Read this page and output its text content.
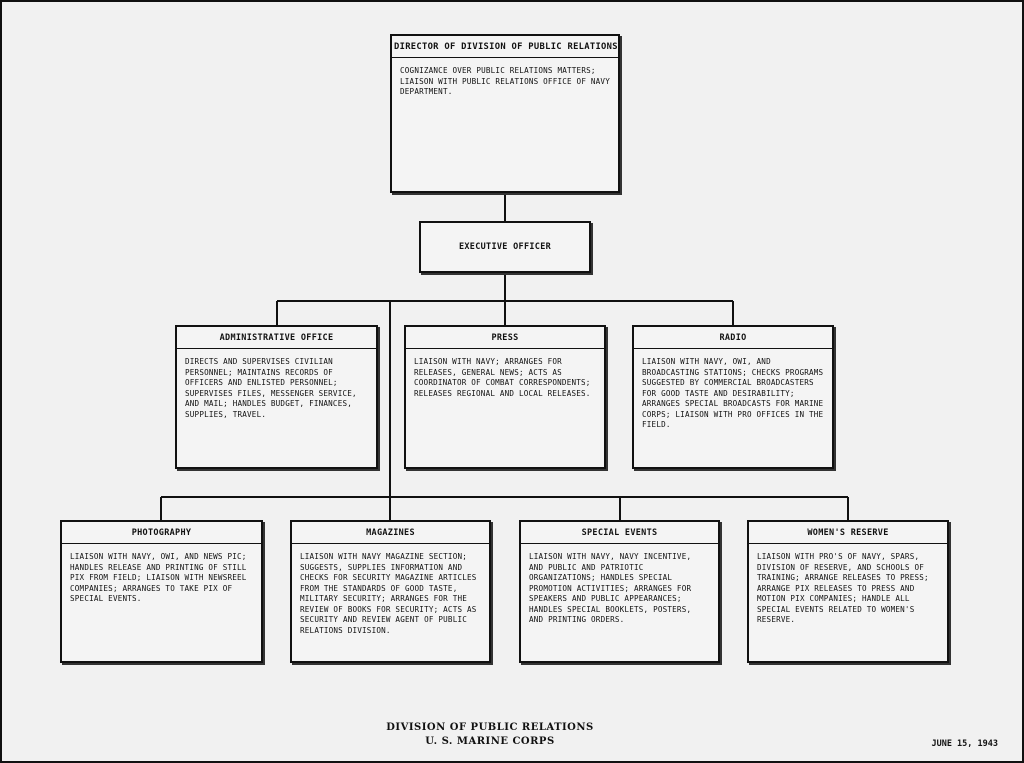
DIRECTOR OF DIVISION OF PUBLIC RELATIONS
COGNIZANCE OVER PUBLIC RELATIONS MATTERS; LIAISON WITH PUBLIC RELATIONS OFFICE OF NAVY DEPARTMENT.
EXECUTIVE OFFICER
ADMINISTRATIVE OFFICE
DIRECTS AND SUPERVISES CIVILIAN PERSONNEL; MAINTAINS RECORDS OF OFFICERS AND ENLISTED PERSONNEL; SUPERVISES FILES, MESSENGER SERVICE, AND MAIL; HANDLES BUDGET, FINANCES, SUPPLIES, TRAVEL.
PRESS
LIAISON WITH NAVY; ARRANGES FOR RELEASES, GENERAL NEWS; ACTS AS COORDINATOR OF COMBAT CORRESPONDENTS; RELEASES REGIONAL AND LOCAL RELEASES.
RADIO
LIAISON WITH NAVY, OWI, AND BROADCASTING STATIONS; CHECKS PROGRAMS SUGGESTED BY COMMERCIAL BROADCASTERS FOR GOOD TASTE AND DESIRABILITY; ARRANGES SPECIAL BROADCASTS FOR MARINE CORPS; LIAISON WITH PRO OFFICES IN THE FIELD.
PHOTOGRAPHY
LIAISON WITH NAVY, OWI, AND NEWS PIC; HANDLES RELEASE AND PRINTING OF STILL PIX FROM FIELD; LIAISON WITH NEWSREEL COMPANIES; ARRANGES TO TAKE PIX OF SPECIAL EVENTS.
MAGAZINES
LIAISON WITH NAVY MAGAZINE SECTION; SUGGESTS, SUPPLIES INFORMATION AND CHECKS FOR SECURITY MAGAZINE ARTICLES FROM THE STANDARDS OF GOOD TASTE, MILITARY SECURITY; ARRANGES FOR THE REVIEW OF BOOKS FOR SECURITY; ACTS AS SECURITY AND REVIEW AGENT OF PUBLIC RELATIONS DIVISION.
SPECIAL EVENTS
LIAISON WITH NAVY, NAVY INCENTIVE, AND PUBLIC AND PATRIOTIC ORGANIZATIONS; HANDLES SPECIAL PROMOTION ACTIVITIES; ARRANGES FOR SPEAKERS AND PUBLIC APPEARANCES; HANDLES SPECIAL BOOKLETS, POSTERS, AND PRINTING ORDERS.
WOMEN'S RESERVE
LIAISON WITH PRO'S OF NAVY, SPARS, DIVISION OF RESERVE, AND SCHOOLS OF TRAINING; ARRANGE RELEASES TO PRESS; ARRANGE PIX RELEASES TO PRESS AND MOTION PIX COMPANIES; HANDLE ALL SPECIAL EVENTS RELATED TO WOMEN'S RESERVE.
DIVISION OF PUBLIC RELATIONS
U. S. MARINE CORPS	JUNE 15, 1943
